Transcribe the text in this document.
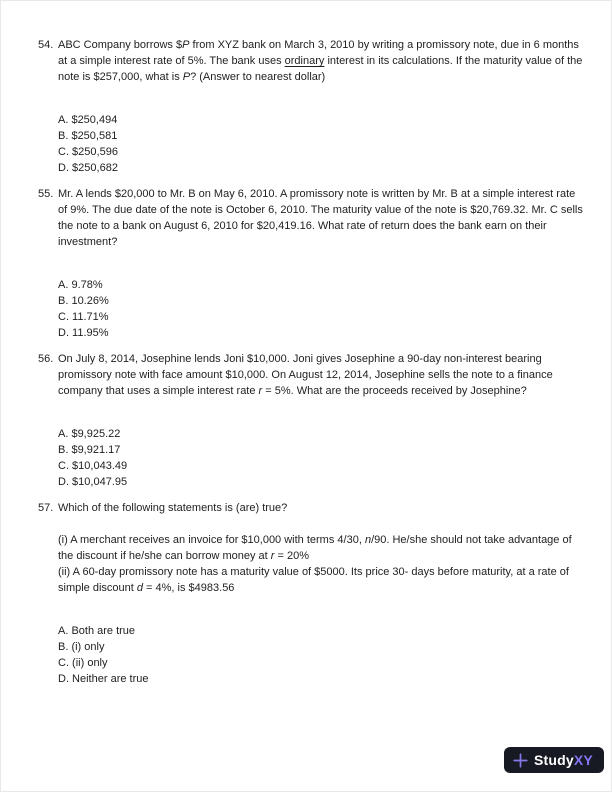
54. ABC Company borrows $P from XYZ bank on March 3, 2010 by writing a promissory note, due in 6 months at a simple interest rate of 5%. The bank uses ordinary interest in its calculations. If the maturity value of the note is $257,000, what is P? (Answer to nearest dollar)

A. $250,494
B. $250,581
C. $250,596
D. $250,682
55. Mr. A lends $20,000 to Mr. B on May 6, 2010. A promissory note is written by Mr. B at a simple interest rate of 9%. The due date of the note is October 6, 2010. The maturity value of the note is $20,769.32. Mr. C sells the note to a bank on August 6, 2010 for $20,419.16. What rate of return does the bank earn on their investment?

A. 9.78%
B. 10.26%
C. 11.71%
D. 11.95%
56. On July 8, 2014, Josephine lends Joni $10,000. Joni gives Josephine a 90-day non-interest bearing promissory note with face amount $10,000. On August 12, 2014, Josephine sells the note to a finance company that uses a simple interest rate r = 5%. What are the proceeds received by Josephine?

A. $9,925.22
B. $9,921.17
C. $10,043.49
D. $10,047.95
57. Which of the following statements is (are) true?

(i) A merchant receives an invoice for $10,000 with terms 4/30, n/90. He/she should not take advantage of the discount if he/she can borrow money at r = 20%
(ii) A 60-day promissory note has a maturity value of $5000. Its price 30- days before maturity, at a rate of simple discount d = 4%, is $4983.56
A. Both are true
B. (i) only
C. (ii) only
D. Neither are true
StudyXY
